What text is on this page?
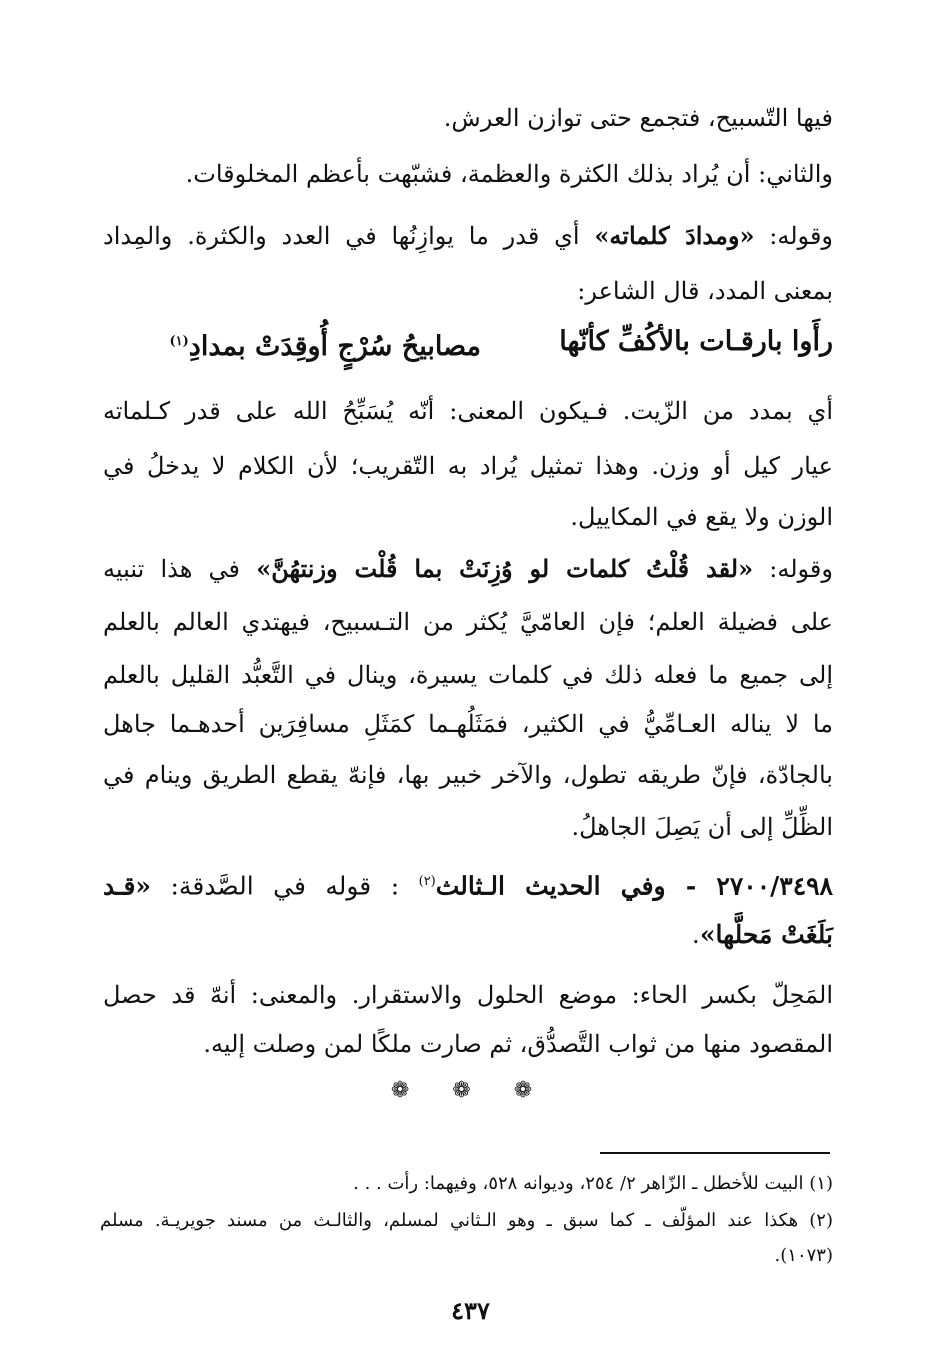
فيها التّسبيح، فتجمع حتى توازن العرش.
والثاني: أن يُراد بذلك الكثرة والعظمة، فشبّهت بأعظم المخلوقات.
وقوله: «ومدادَ كلماته» أي قدر ما يوازِنُها في العدد والكثرة. والمِداد
بمعنى المدد، قال الشاعر:
رأَوا بارقـات بالأكُفِّ كأنّها
مصابيحُ سُرْجٍ أُوقِدَتْ بمدادِ$^{(١)}$
أي بمدد من الزّيت. فـيكون المعنى: أنّه يُسَبِّحُ الله على قدر كـلماته
عيار كيل أو وزن. وهذا تمثيل يُراد به التّقريب؛ لأن الكلام لا يدخلُ في
الوزن ولا يقع في المكاييل.
وقوله: «لقد قُلْتُ كلمات لو وُزِنَتْ بما قُلْت وزنتهُنَّ» في هذا تنبيه
على فضيلة العلم؛ فإن العامّيَّ يُكثر من التـسبيح، فيهتدي العالم بالعلم
إلى جميع ما فعله ذلك في كلمات يسيرة، وينال في التَّعبُّد القليل بالعلم
ما لا يناله العـامِّيُّ في الكثير، فمَثَلُهـما كمَثَلِ مسافِرَين أحدهـما جاهل
بالجادّة، فإنّ طريقه تطول، والآخر خبير بها، فإنهّ يقطع الطريق وينام في
الظِّلِّ إلى أن يَصِلَ الجاهلُ.
٢٧٠٠/٣٤٩٨ - وفي الحديث الـثالث$^{(٢)}$ : قوله في الصَّدقة: «قـد
بَلَغَتْ مَحلَّها».
المَحِلّ بكسر الحاء: موضع الحلول والاستقرار. والمعنى: أنهّ قد حصل
المقصود منها من ثواب التَّصدُّق، ثم صارت ملكًا لمن وصلت إليه.
❁ ❁ ❁
(١) البيت للأخطل ـ الزّاهر ٢/ ٢٥٤، وديوانه ٥٢٨، وفيهما: رأت . . .
(٢) هكذا عند المؤلّف ـ كما سبق ـ وهو الـثاني لمسلم، والثالـث من مسند جويريـة. مسلم
(١٠٧٣).
٤٣٧
